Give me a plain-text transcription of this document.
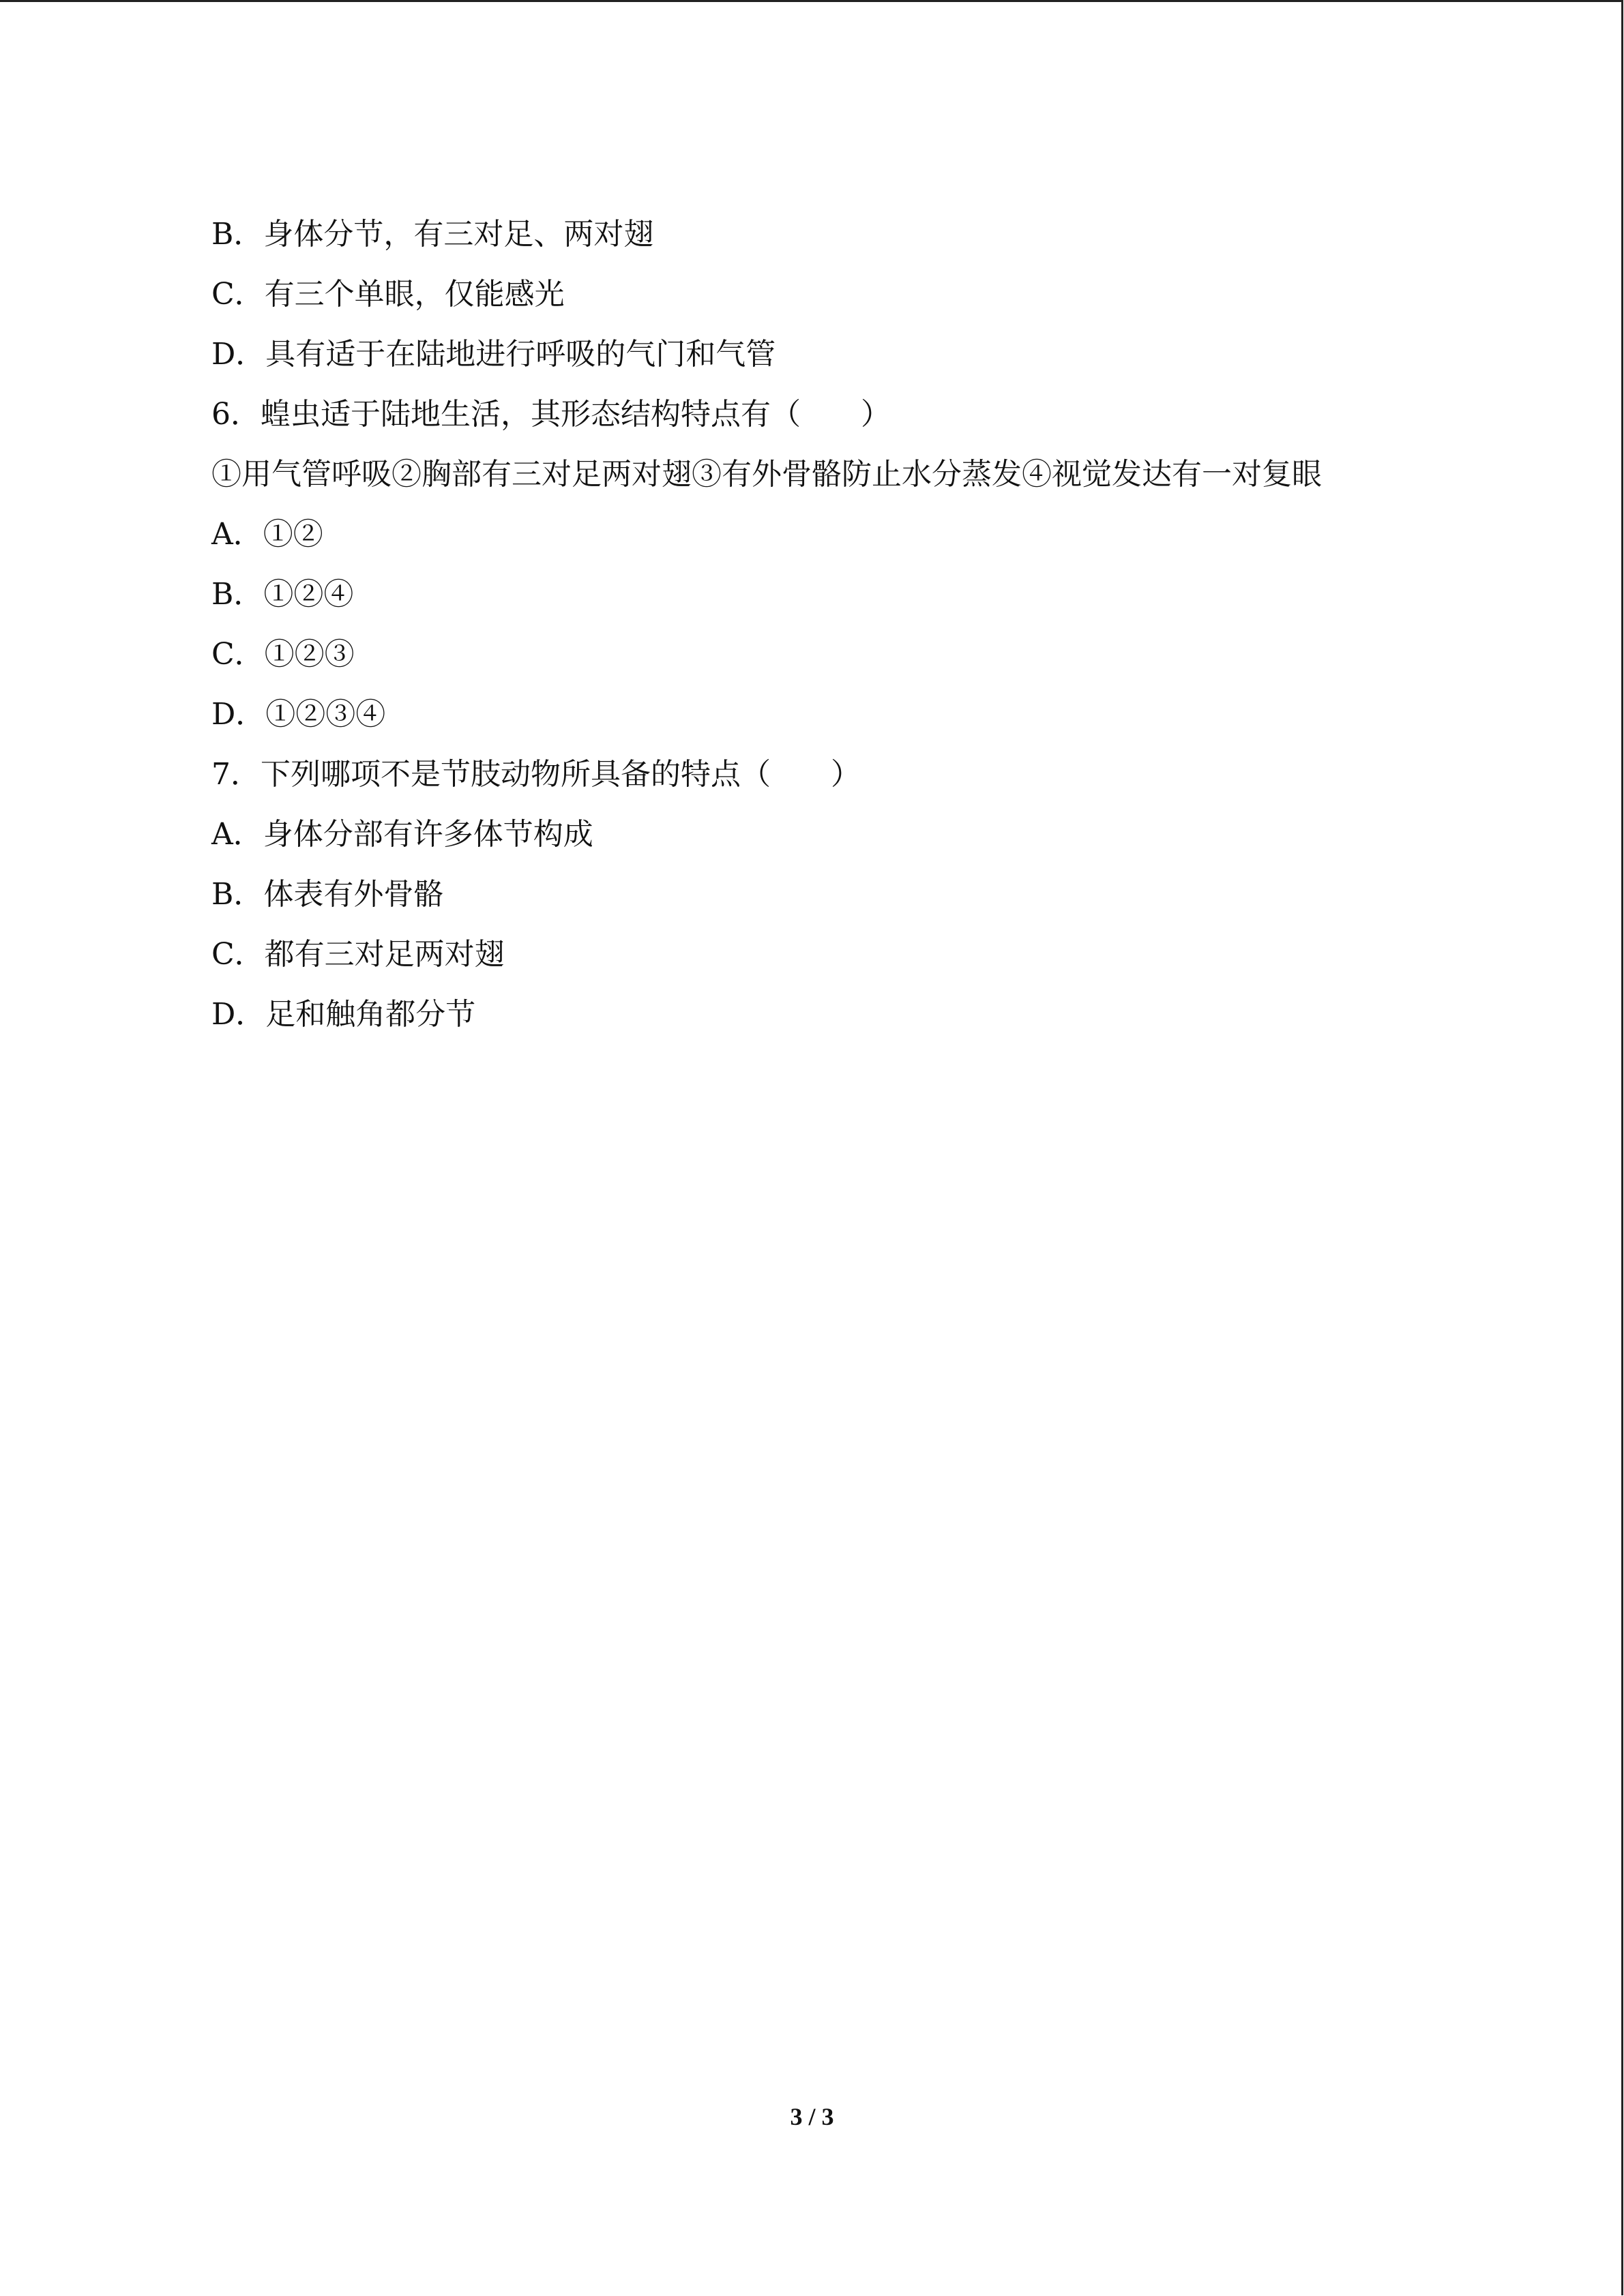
B．身体分节，有三对足、两对翅
C．有三个单眼，仅能感光
D．具有适于在陆地进行呼吸的气门和气管
6．蝗虫适于陆地生活，其形态结构特点有（　　）
①用气管呼吸②胸部有三对足两对翅③有外骨骼防止水分蒸发④视觉发达有一对复眼
A．①②
B．①②④
C．①②③
D．①②③④
7．下列哪项不是节肢动物所具备的特点（　　）
A．身体分部有许多体节构成
B．体表有外骨骼
C．都有三对足两对翅
D．足和触角都分节
3 / 3
